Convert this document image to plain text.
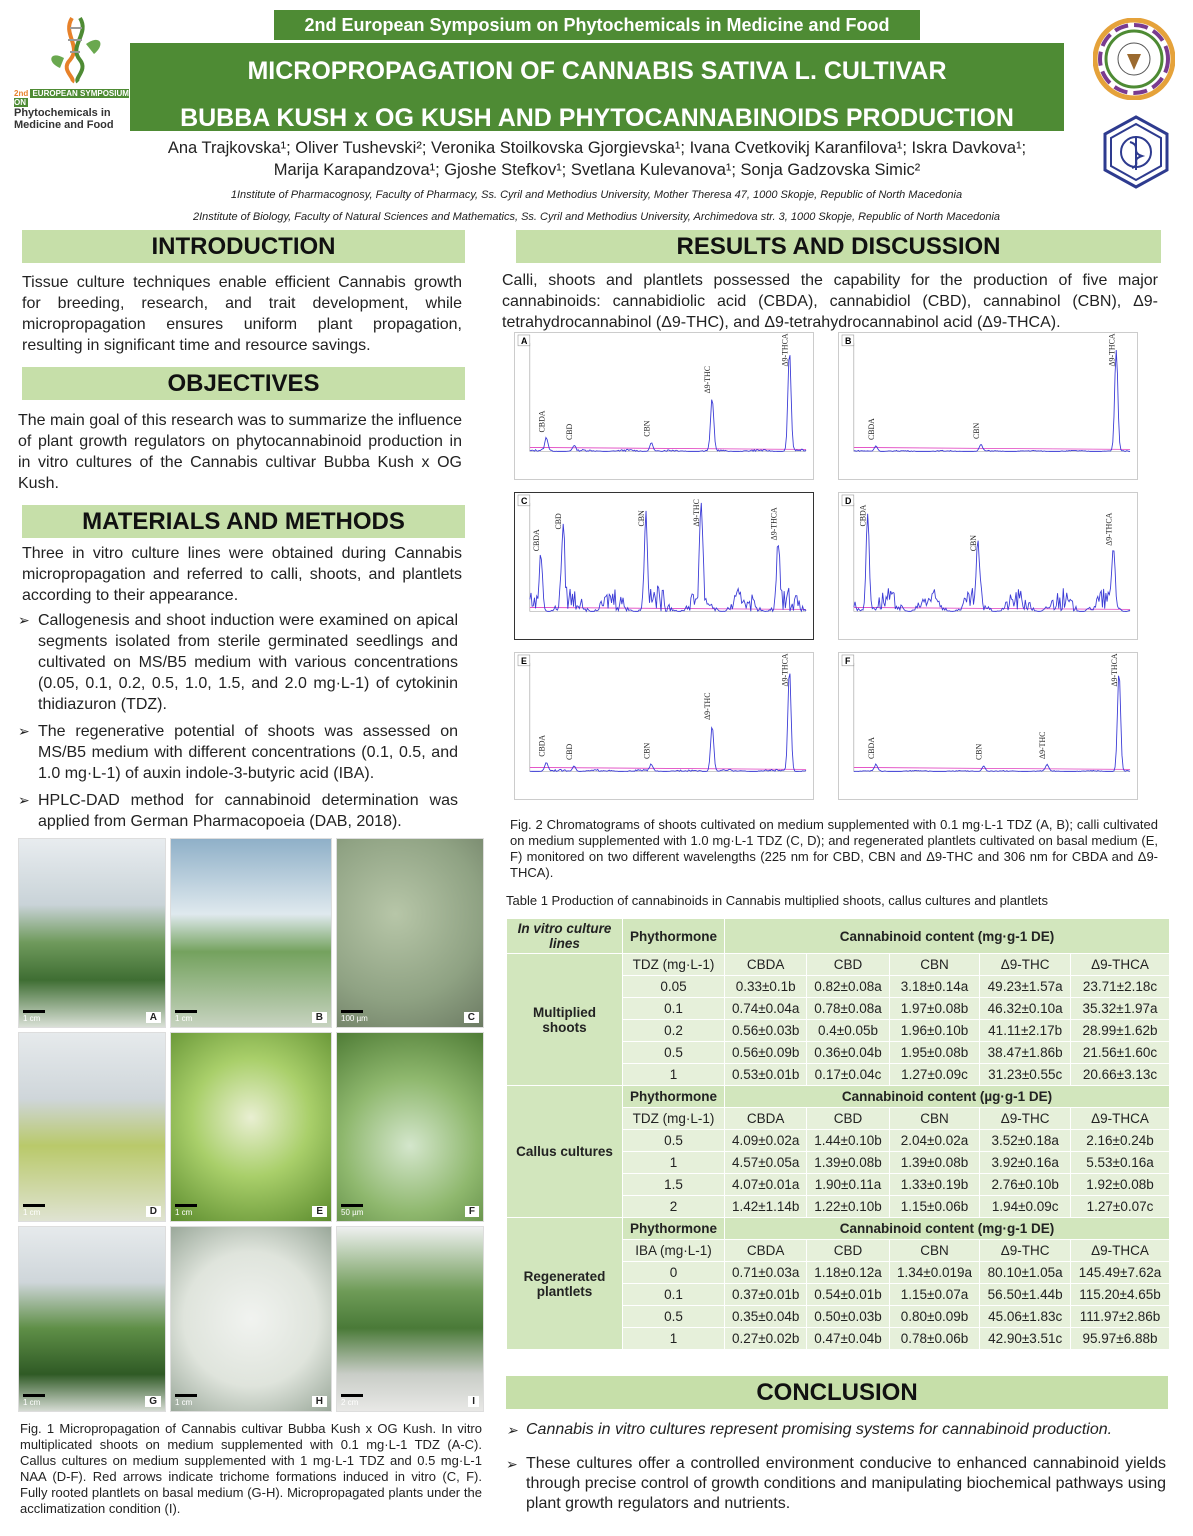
2nd European Symposium on Phytochemicals in Medicine and Food
2nd EUROPEAN SYMPOSIUM ON
Phytochemicals in
Medicine and Food
MICROPROPAGATION OF CANNABIS SATIVA L. CULTIVAR
BUBBA KUSH x OG KUSH AND PHYTOCANNABINOIDS PRODUCTION
Ana Trajkovska¹; Oliver Tushevski²; Veronika Stoilkovska Gjorgievska¹; Ivana Cvetkovikj Karanfilova¹; Iskra Davkova¹;
Marija Karapandzova¹; Gjoshe Stefkov¹; Svetlana Kulevanova¹; Sonja Gadzovska Simic²
1Institute of Pharmacognosy, Faculty of Pharmacy, Ss. Cyril and Methodius University, Mother Theresa 47, 1000 Skopje, Republic of North Macedonia
2Institute of Biology, Faculty of Natural Sciences and Mathematics, Ss. Cyril and Methodius University, Archimedova str. 3, 1000 Skopje, Republic of North Macedonia
INTRODUCTION
Tissue culture techniques enable efficient Cannabis growth for breeding, research, and trait development, while micropropagation ensures uniform plant propagation, resulting in significant time and resource savings.
OBJECTIVES
The main goal of this research was to summarize the influence of plant growth regulators on phytocannabinoid production in in vitro cultures of the Cannabis cultivar Bubba Kush x OG Kush.
MATERIALS AND METHODS
Three in vitro culture lines were obtained during Cannabis micropropagation and referred to calli, shoots, and plantlets according to their appearance.
➢ Callogenesis and shoot induction were examined on apical segments isolated from sterile germinated seedlings and cultivated on MS/B5 medium with various concentrations (0.05, 0.1, 0.2, 0.5, 1.0, 1.5, and 2.0 mg·L-1) of cytokinin thidiazuron (TDZ).
➢ The regenerative potential of shoots was assessed on MS/B5 medium with different concentrations (0.1, 0.5, and 1.0 mg·L-1) of auxin indole-3-butyric acid (IBA).
➢ HPLC-DAD method for cannabinoid determination was applied from German Pharmacopoeia (DAB, 2018).
1 cm	A	1 cm	B	100 µm	C
1 cm	D	1 cm	E	50 µm	F
1 cm	G	1 cm	H	2 cm	I
Fig. 1 Micropropagation of Cannabis cultivar Bubba Kush x OG Kush. In vitro multiplicated shoots on medium supplemented with 0.1 mg·L-1 TDZ (A-C). Callus cultures on medium supplemented with 1 mg·L-1 TDZ and 0.5 mg·L-1 NAA (D-F). Red arrows indicate trichome formations induced in vitro (C, F). Fully rooted plantlets on basal medium (G-H). Micropropagated plants under the acclimatization condition (I).
RESULTS AND DISCUSSION
Calli, shoots and plantlets possessed the capability for the production of five major cannabinoids: cannabidiolic acid (CBDA), cannabidiol (CBD), cannabinol (CBN), Δ9-tetrahydrocannabinol (Δ9-THC), and Δ9-tetrahydrocannabinol acid (Δ9-THCA).
A
CBDA CBD	CBN
Δ9-THC
Δ9-THCA	B
CBDA	CBN
Δ9-THCA
C
CBDA
CBD	CBN	Δ9-THC	Δ9-THCA
D
CBDA
CBN	Δ9-THCA
E
CBDA CBD	CBN
Δ9-THC
Δ9-THCA	F
CBDA	CBN	Δ9-THC
Δ9-THCA
Fig. 2 Chromatograms of shoots cultivated on medium supplemented with 0.1 mg·L-1 TDZ (A, B); calli cultivated on medium supplemented with 1.0 mg·L-1 TDZ (C, D); and regenerated plantlets cultivated on basal medium (E, F) monitored on two different wavelengths (225 nm for CBD, CBN and Δ9-THC and 306 nm for CBDA and Δ9-THCA).
Table 1 Production of cannabinoids in Cannabis multiplied shoots, callus cultures and plantlets
In vitro culture lines	Phythormone	Cannabinoid content (mg·g-1 DE)				
Multiplied shoots	TDZ (mg·L-1)	CBDA	CBD	CBN	Δ9-THC	Δ9-THCA
	0.05	0.33±0.1b	0.82±0.08a	3.18±0.14a	49.23±1.57a	23.71±2.18c
	0.1	0.74±0.04a	0.78±0.08a	1.97±0.08b	46.32±0.10a	35.32±1.97a
	0.2	0.56±0.03b	0.4±0.05b	1.96±0.10b	41.11±2.17b	28.99±1.62b
	0.5	0.56±0.09b	0.36±0.04b	1.95±0.08b	38.47±1.86b	21.56±1.60c
	1	0.53±0.01b	0.17±0.04c	1.27±0.09c	31.23±0.55c	20.66±3.13c
Callus cultures	Phythormone	Cannabinoid content (µg·g-1 DE)				
	TDZ (mg·L-1)	CBDA	CBD	CBN	Δ9-THC	Δ9-THCA
	0.5	4.09±0.02a	1.44±0.10b	2.04±0.02a	3.52±0.18a	2.16±0.24b
	1	4.57±0.05a	1.39±0.08b	1.39±0.08b	3.92±0.16a	5.53±0.16a
	1.5	4.07±0.01a	1.90±0.11a	1.33±0.19b	2.76±0.10b	1.92±0.08b
	2	1.42±1.14b	1.22±0.10b	1.15±0.06b	1.94±0.09c	1.27±0.07c
Regenerated plantlets	Phythormone	Cannabinoid content (mg·g-1 DE)				
	IBA (mg·L-1)	CBDA	CBD	CBN	Δ9-THC	Δ9-THCA
	0	0.71±0.03a	1.18±0.12a	1.34±0.019a	80.10±1.05a	145.49±7.62a
	0.1	0.37±0.01b	0.54±0.01b	1.15±0.07a	56.50±1.44b	115.20±4.65b
	0.5	0.35±0.04b	0.50±0.03b	0.80±0.09b	45.06±1.83c	111.97±2.86b
	1	0.27±0.02b	0.47±0.04b	0.78±0.06b	42.90±3.51c	95.97±6.88b
CONCLUSION
➢ Cannabis in vitro cultures represent promising systems for cannabinoid production.
➢ These cultures offer a controlled environment conducive to enhanced cannabinoid yields through precise control of growth conditions and manipulating biochemical pathways using plant growth regulators and nutrients.
